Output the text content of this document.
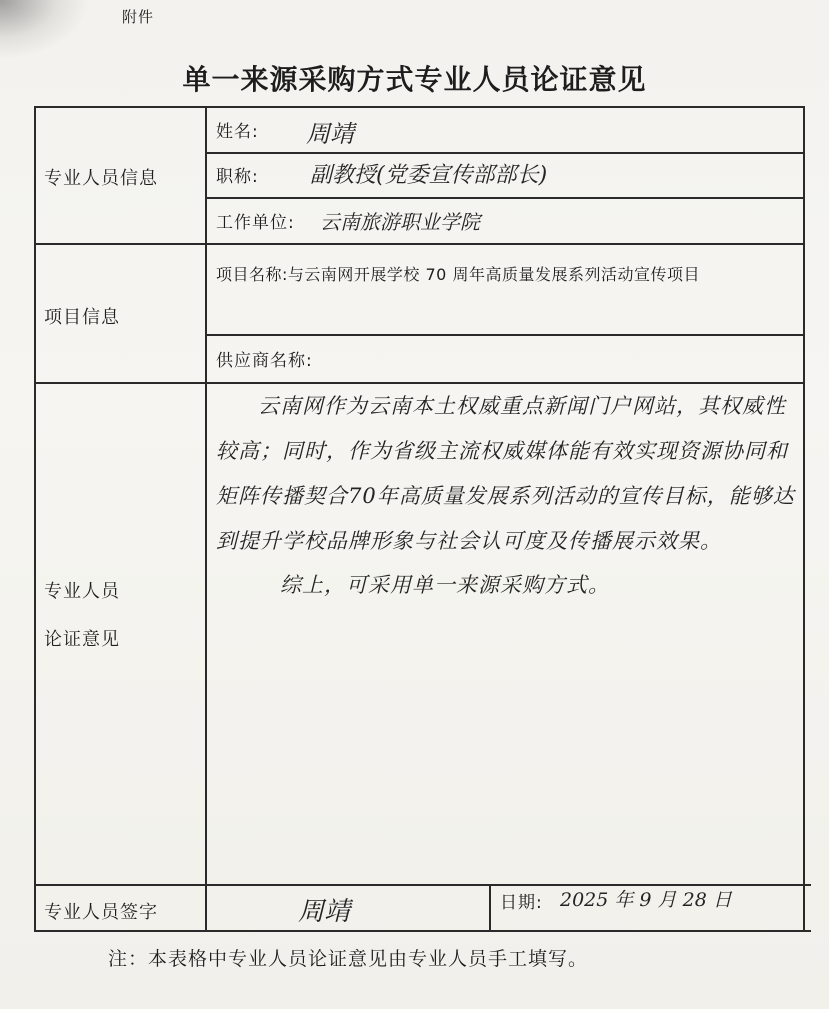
附件
单一来源采购方式专业人员论证意见
专业人员信息
项目信息
专业人员
论证意见
专业人员签字
姓名: 周靖
职称: 副教授(党委宣传部部长)
工作单位: 云南旅游职业学院
项目名称:与云南网开展学校 70 周年高质量发展系列活动宣传项目
供应商名称:

云南网作为云南本土权威重点新闻门户网站，其权威性较高；同时，作为省级主流权威媒体能有效实现资源协同和矩阵传播契合70年高质量发展系列活动的宣传目标，能够达到提升学校品牌形象与社会认可度及传播展示效果。

综上，可采用单一来源采购方式。

周靖	日期: 2025 年 9 月 28 日
注：本表格中专业人员论证意见由专业人员手工填写。
